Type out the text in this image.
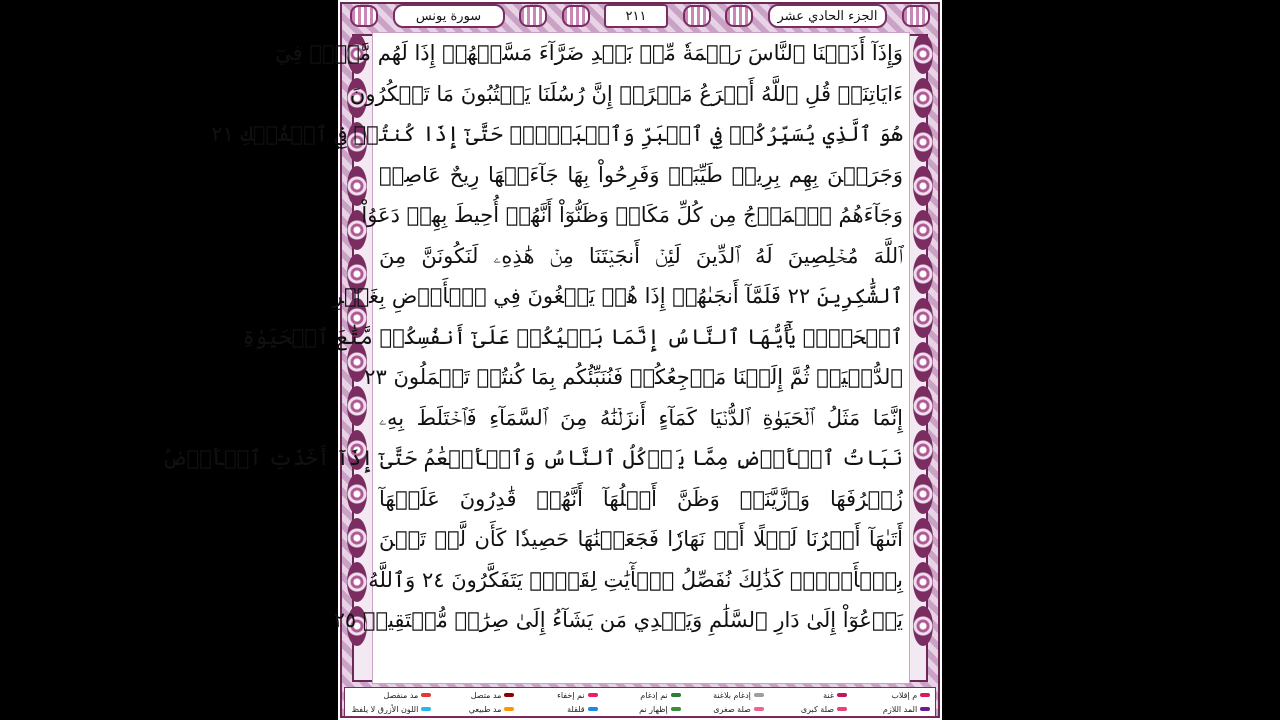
سورة يونس	٢١١	الجزء الحادي عشر
وَإِذَآ أَذَقۡنَا ٱلنَّاسَ رَحۡمَةٗ مِّنۢ بَعۡدِ ضَرَّآءَ مَسَّتۡهُمۡ إِذَا لَهُم مَّكۡرٞ فِيٓ
ءَايَاتِنَاۚ قُلِ ٱللَّهُ أَسۡرَعُ مَكۡرًاۚ إِنَّ رُسُلَنَا يَكۡتُبُونَ مَا تَمۡكُرُونَ
هُوَ ٱلَّذِي يُسَيِّرُكُمۡ فِي ٱلۡبَرِّ وَٱلۡبَحۡرِۖ حَتَّىٰٓ إِذَا كُنتُمۡ فِي ٱلۡفُلۡكِ ٢١
وَجَرَيۡنَ بِهِم بِرِيحٖ طَيِّبَةٖ وَفَرِحُواْ بِهَا جَآءَتۡهَا رِيحٌ عَاصِفٞ
وَجَآءَهُمُ ٱلۡمَوۡجُ مِن كُلِّ مَكَانٖ وَظَنُّوٓاْ أَنَّهُمۡ أُحِيطَ بِهِمۡ دَعَوُاْ
ٱللَّهَ مُخۡلِصِينَ لَهُ ٱلدِّينَ لَئِنۡ أَنجَيۡتَنَا مِنۡ هَٰذِهِۦ لَنَكُونَنَّ مِنَ
ٱلشَّٰكِرِينَ ٢٢ فَلَمَّآ أَنجَىٰهُمۡ إِذَا هُمۡ يَبۡغُونَ فِي ٱلۡأَرۡضِ بِغَيۡرِ
ٱلۡحَقِّۗ يَٰٓأَيُّهَا ٱلنَّاسُ إِنَّمَا بَغۡيُكُمۡ عَلَىٰٓ أَنفُسِكُمۖ مَّتَٰعَ ٱلۡحَيَوٰةِ
ٱلدُّنۡيَاۖ ثُمَّ إِلَيۡنَا مَرۡجِعُكُمۡ فَنُنَبِّئُكُم بِمَا كُنتُمۡ تَعۡمَلُونَ ٢٣
إِنَّمَا مَثَلُ ٱلۡحَيَوٰةِ ٱلدُّنۡيَا كَمَآءٍ أَنزَلۡنَٰهُ مِنَ ٱلسَّمَآءِ فَٱخۡتَلَطَ بِهِۦ
نَبَاتُ ٱلۡأَرۡضِ مِمَّا يَأۡكُلُ ٱلنَّاسُ وَٱلۡأَنۡعَٰمُ حَتَّىٰٓ إِذَآ أَخَذَتِ ٱلۡأَرۡضُ
زُخۡرُفَهَا وَٱزَّيَّنَتۡ وَظَنَّ أَهۡلُهَآ أَنَّهُمۡ قَٰدِرُونَ عَلَيۡهَآ
أَتَىٰهَآ أَمۡرُنَا لَيۡلًا أَوۡ نَهَارٗا فَجَعَلۡنَٰهَا حَصِيدٗا كَأَن لَّمۡ تَغۡنَ
بِٱلۡأَمۡسِۚ كَذَٰلِكَ نُفَصِّلُ ٱلۡأٓيَٰتِ لِقَوۡمٖ يَتَفَكَّرُونَ ٢٤ وَٱللَّهُ
يَدۡعُوٓاْ إِلَىٰ دَارِ ٱلسَّلَٰمِ وَيَهۡدِي مَن يَشَآءُ إِلَىٰ صِرَٰطٖ مُّسۡتَقِيمٖ ٢٥
م إقلاب
غنة
إدغام بلاغنة
نم إدغام
نم إخفاء
مد متصل
مد منفصل
المد اللازم
صلة كبرى
صلة صغرى
إظهار نم
قلقلة
مد طبيعي
اللون الأزرق لا يلفظ
